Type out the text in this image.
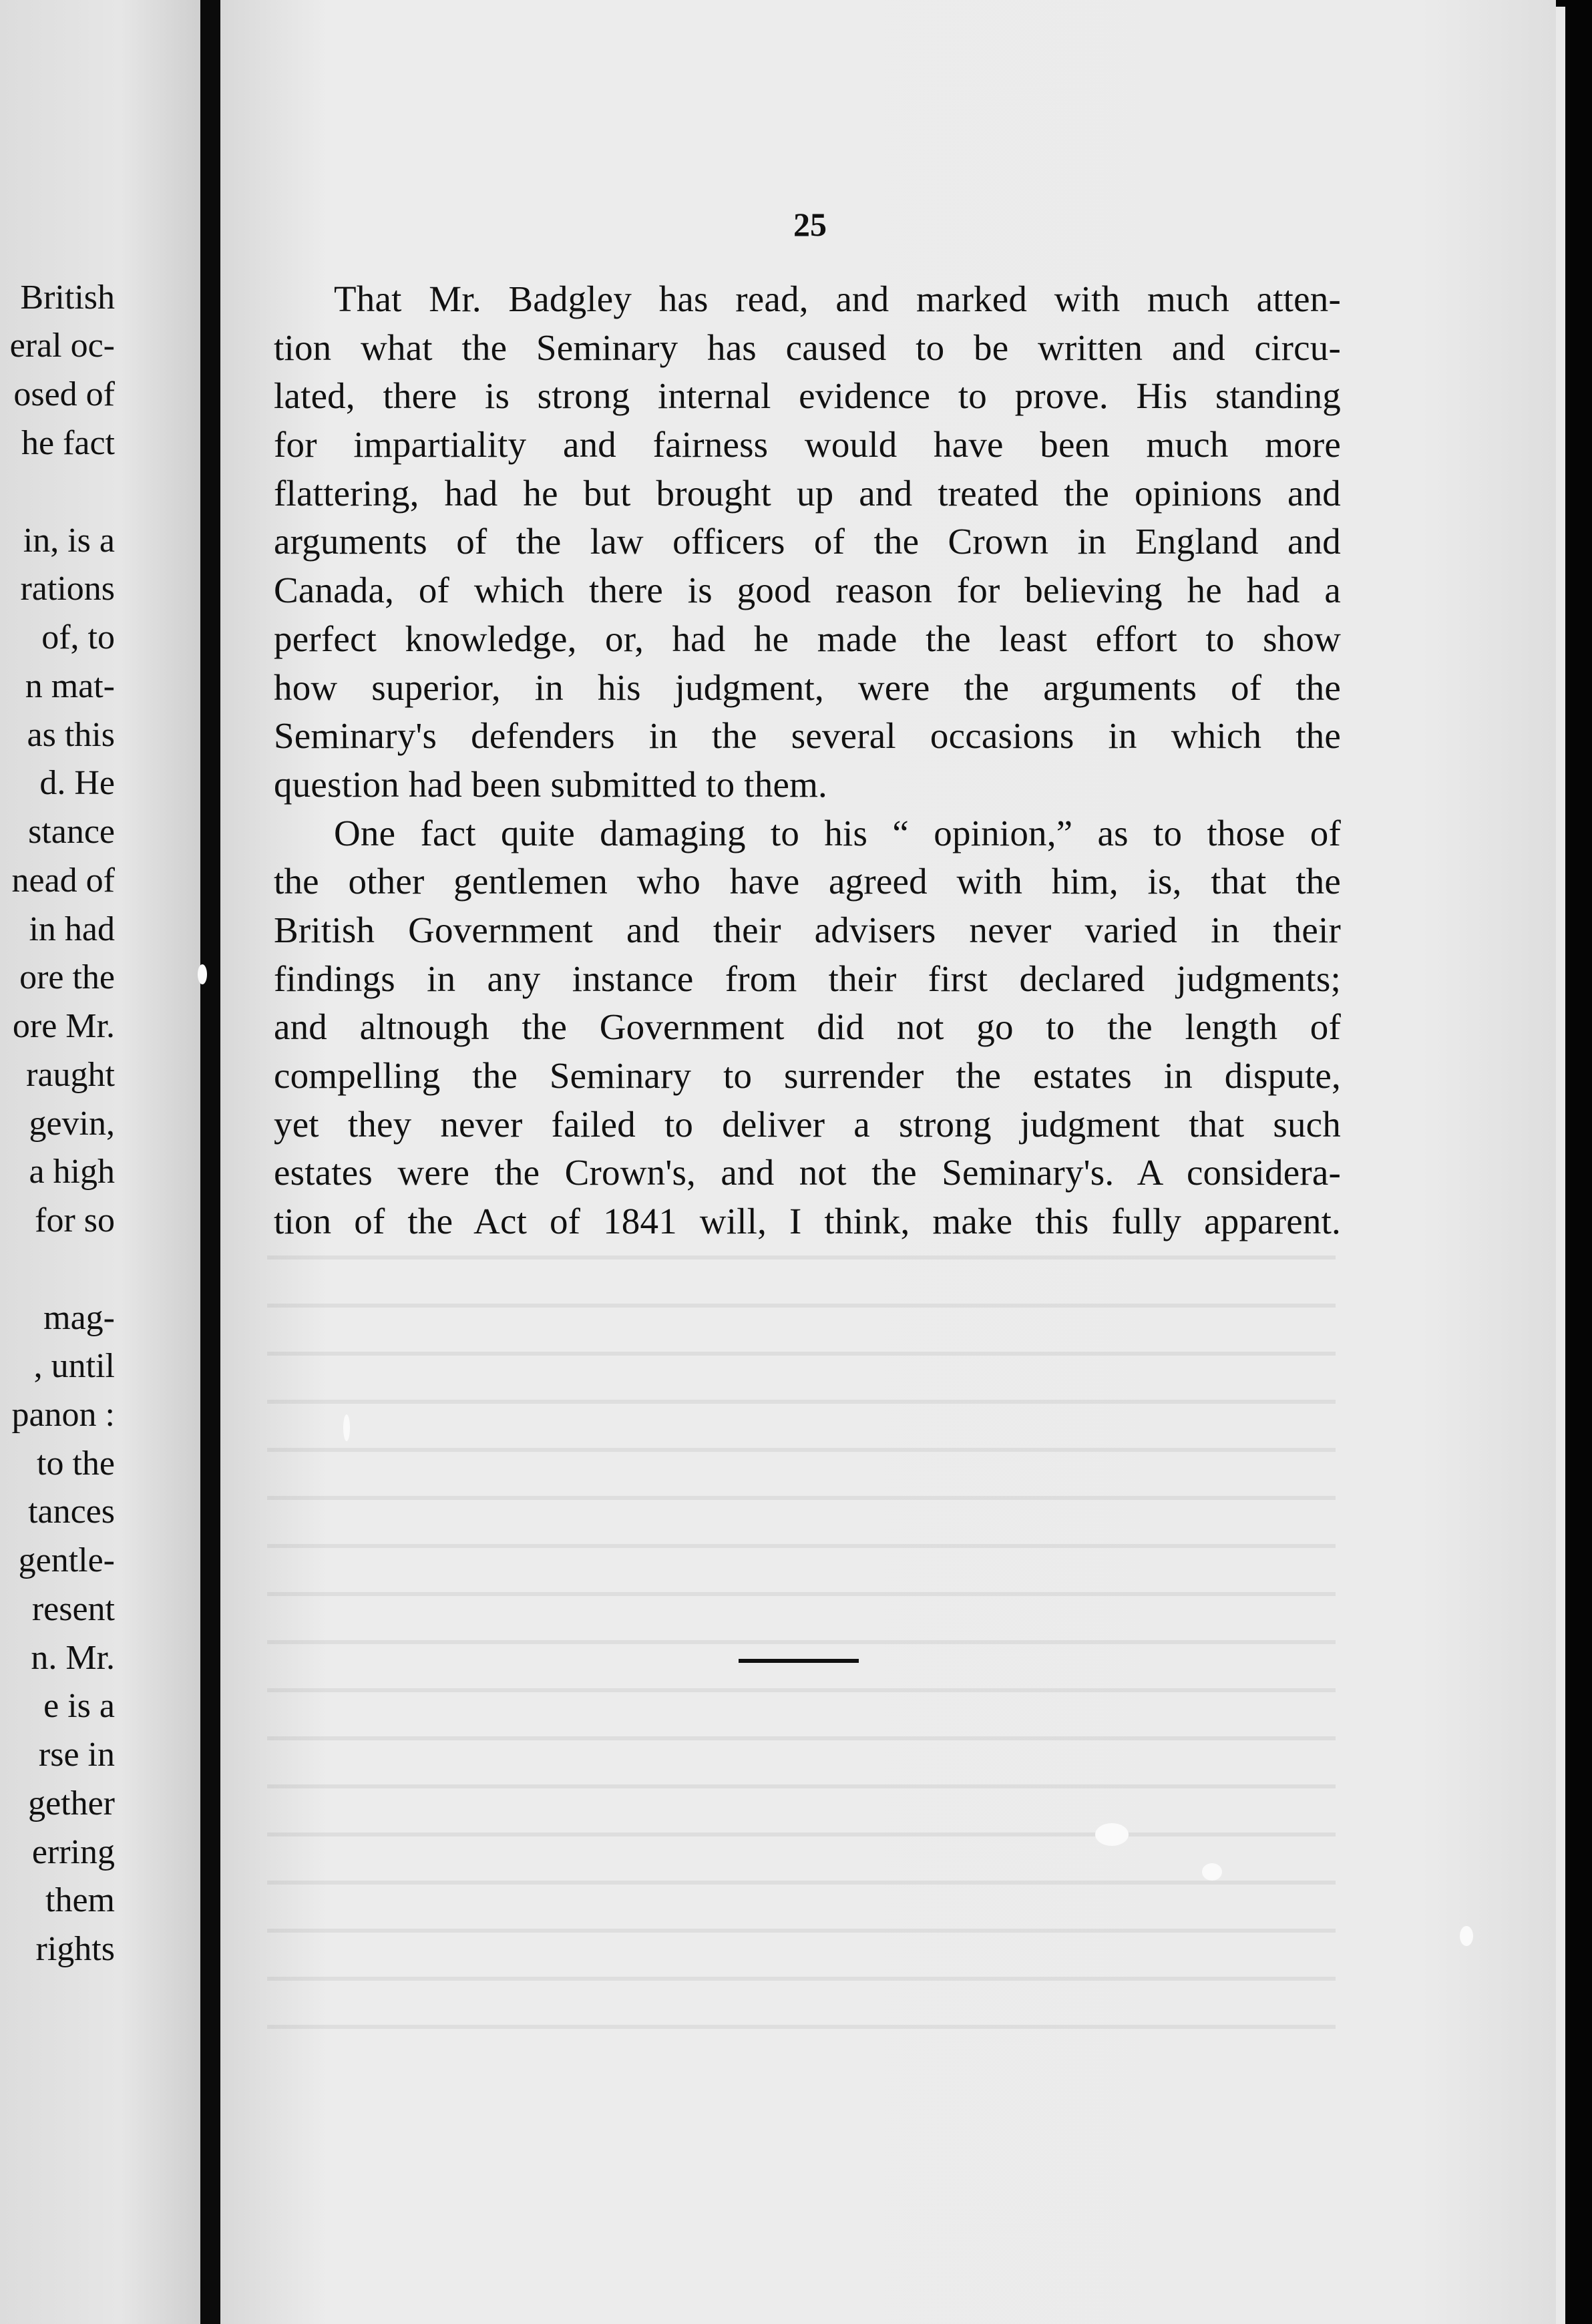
British
eral oc-
osed of
he fact
in, is a
rations
of, to
n mat-
as this
d. He
stance
nead of
in had
ore the
ore Mr.
raught
gevin,
a high
for so
mag-
, until
panon :
to the
tances
gentle-
resent
n. Mr.
e is a
rse in
gether
erring
them
rights
25
That Mr. Badgley has read, and marked with much atten-
tion what the Seminary has caused to be written and circu-
lated, there is strong internal evidence to prove. His standing
for impartiality and fairness would have been much more
flattering, had he but brought up and treated the opinions and
arguments of the law officers of the Crown in England and
Canada, of which there is good reason for believing he had a
perfect knowledge, or, had he made the least effort to show
how superior, in his judgment, were the arguments of the
Seminary's defenders in the several occasions in which the
question had been submitted to them.
One fact quite damaging to his “ opinion,” as to those of
the other gentlemen who have agreed with him, is, that the
British Government and their advisers never varied in their
findings in any instance from their first declared judgments;
and altnough the Government did not go to the length of
compelling the Seminary to surrender the estates in dispute,
yet they never failed to deliver a strong judgment that such
estates were the Crown's, and not the Seminary's. A considera-
tion of the Act of 1841 will, I think, make this fully apparent.
